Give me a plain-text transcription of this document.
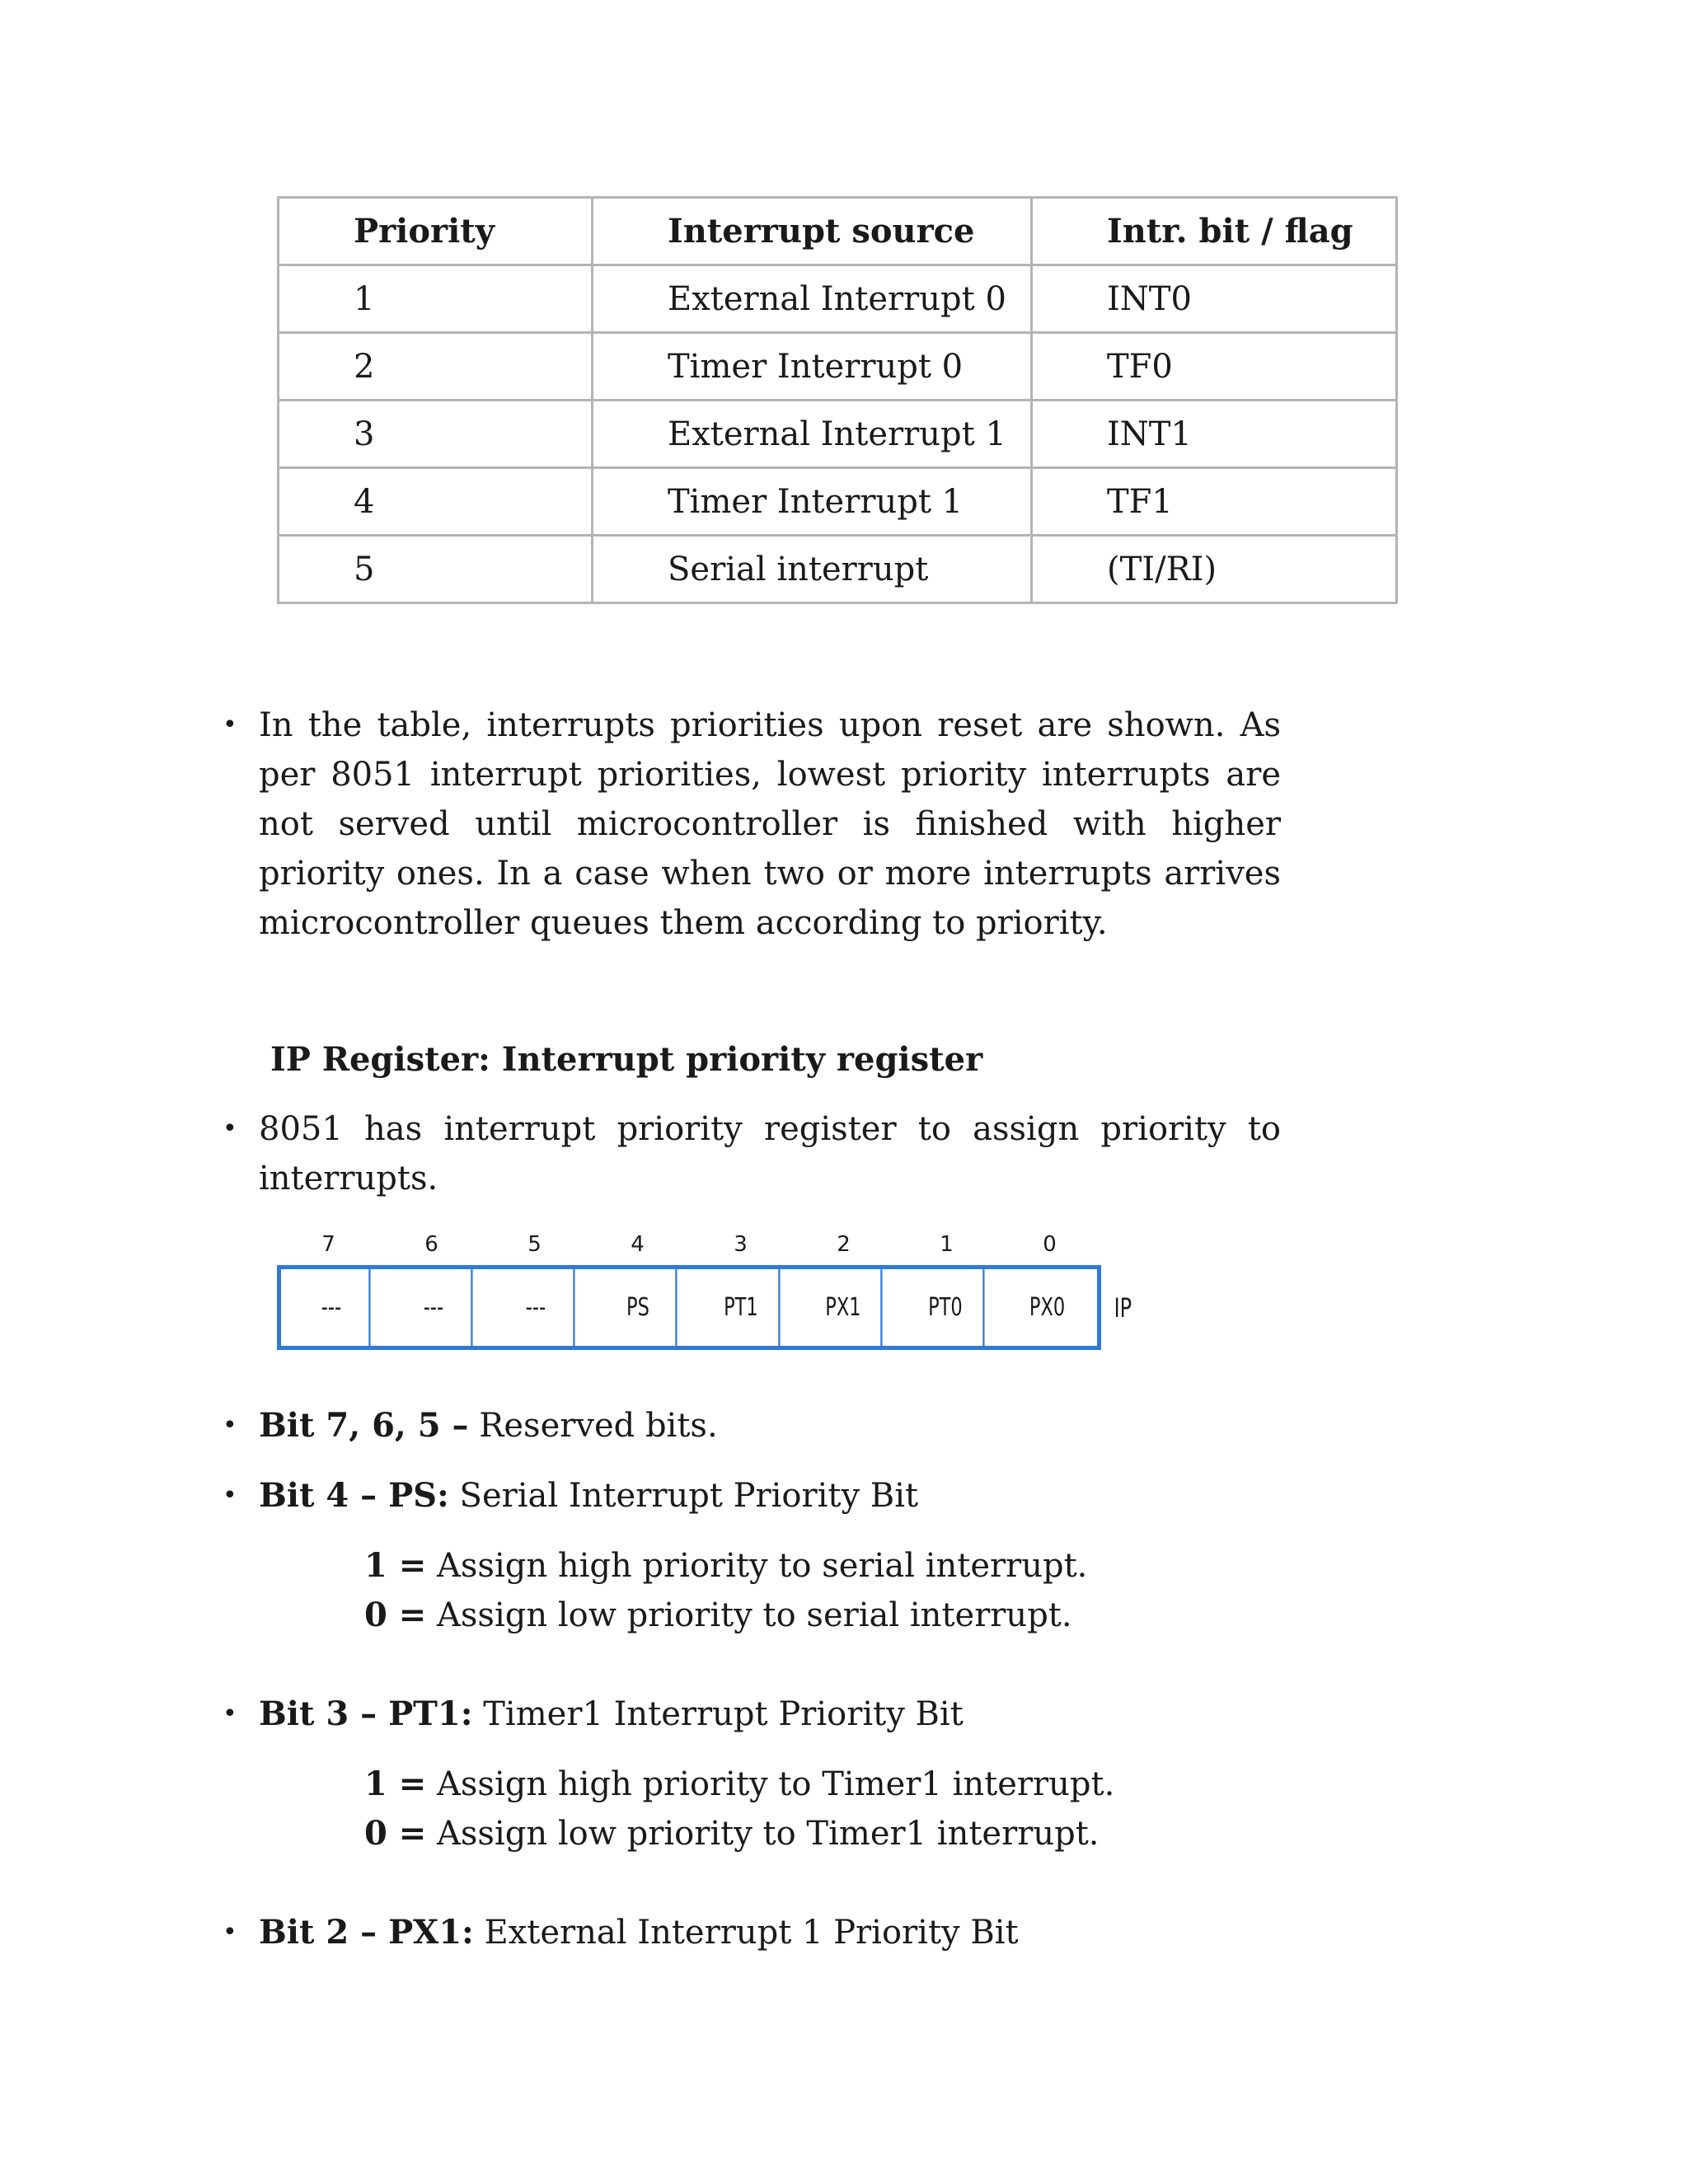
Priority	Interrupt source	Intr. bit / flag
1	External Interrupt 0	INT0
2	Timer Interrupt 0	TF0
3	External Interrupt 1	INT1
4	Timer Interrupt 1	TF1
5	Serial interrupt	(TI/RI)
• In the table, interrupts priorities upon reset are shown. As per 8051 interrupt priorities, lowest priority interrupts are not served until microcontroller is finished with higher priority ones. In a case when two or more interrupts arrives microcontroller queues them according to priority.
IP Register: Interrupt priority register
• 8051 has interrupt priority register to assign priority to interrupts.
7	6	5	4	3	2	1	0
---	---	---	PS	PT1	PX1	PT0	PX0	IP
• Bit 7, 6, 5 – Reserved bits.
• Bit 4 – PS: Serial Interrupt Priority Bit
1 = Assign high priority to serial interrupt.
0 = Assign low priority to serial interrupt.
• Bit 3 – PT1: Timer1 Interrupt Priority Bit
1 = Assign high priority to Timer1 interrupt.
0 = Assign low priority to Timer1 interrupt.
• Bit 2 – PX1: External Interrupt 1 Priority Bit
